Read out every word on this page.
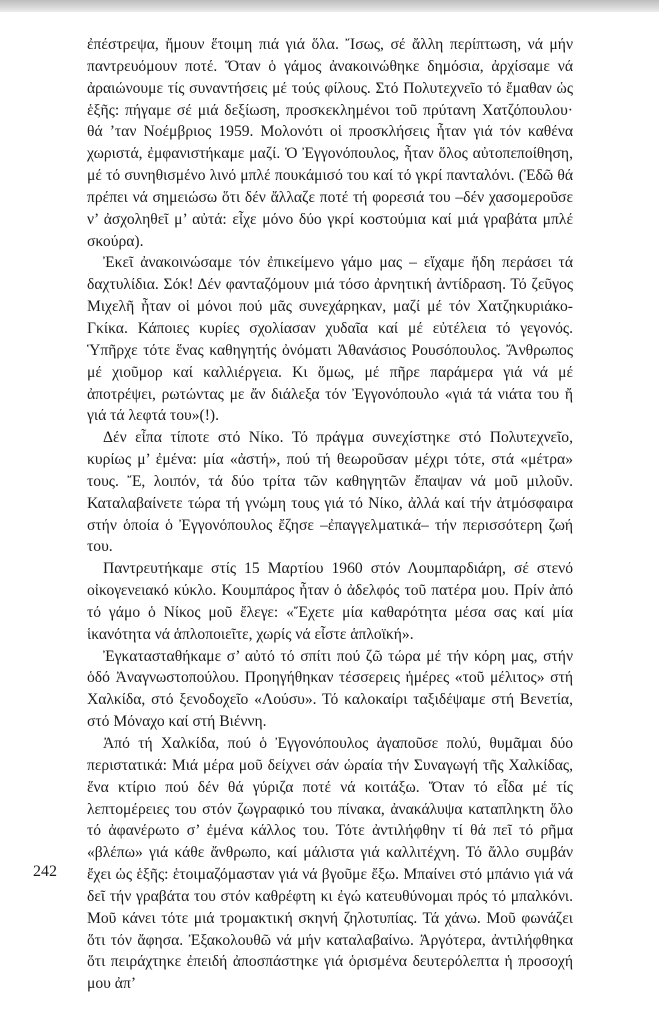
ἐπέστρεψα, ἤμουν ἕτοιμη πιά γιά ὅλα. Ἴσως, σέ ἄλλη περίπτωση, νά μήν παντρευόμουν ποτέ. Ὅταν ὁ γάμος ἀνακοινώθηκε δημόσια, ἀρχίσαμε νά ἀραιώνουμε τίς συναντήσεις μέ τούς φίλους. Στό Πολυτεχνεῖο τό ἔμαθαν ὡς ἑξῆς: πήγαμε σέ μιά δεξίωση, προσκεκλημένοι τοῦ πρύτανη Χατζόπουλου· θά ’ταν Νοέμβριος 1959. Μολονότι οἱ προσκλήσεις ἦταν γιά τόν καθένα χωριστά, ἐμφανιστήκαμε μαζί. Ὁ Ἐγγονόπουλος, ἦταν ὅλος αὐτοπεποίθηση, μέ τό συνηθισμένο λινό μπλέ πουκάμισό του καί τό γκρί πανταλόνι. (Ἐδῶ θά πρέπει νά σημειώσω ὅτι δέν ἄλλαζε ποτέ τή φορεσιά του –δέν χασομεροῦσε ν’ ἀσχοληθεῖ μ’ αὐτά: εἶχε μόνο δύο γκρί κοστούμια καί μιά γραβάτα μπλέ σκούρα).

Ἐκεῖ ἀνακοινώσαμε τόν ἐπικείμενο γάμο μας – εἴχαμε ἤδη περάσει τά δαχτυλίδια. Σόκ! Δέν φανταζόμουν μιά τόσο ἀρνητική ἀντίδραση. Τό ζεῦγος Μιχελῆ ἦταν οἱ μόνοι πού μᾶς συνεχάρηκαν, μαζί μέ τόν Χατζηκυριάκο-Γκίκα. Κάποιες κυρίες σχολίασαν χυδαῖα καί μέ εὐτέλεια τό γεγονός. Ὑπῆρχε τότε ἕνας καθηγητής ὀνόματι Ἀθανάσιος Ρουσόπουλος. Ἄνθρωπος μέ χιοῦμορ καί καλλιέργεια. Κι ὅμως, μέ πῆρε παράμερα γιά νά μέ ἀποτρέψει, ρωτώντας με ἄν διάλεξα τόν Ἐγγονόπουλο «γιά τά νιάτα του ἤ γιά τά λεφτά του»(!).

Δέν εἶπα τίποτε στό Νίκο. Τό πράγμα συνεχίστηκε στό Πολυτεχνεῖο, κυρίως μ’ ἐμένα: μία «ἀστή», πού τή θεωροῦσαν μέχρι τότε, στά «μέτρα» τους. Ἔ, λοιπόν, τά δύο τρίτα τῶν καθηγητῶν ἔπαψαν νά μοῦ μιλοῦν. Καταλαβαίνετε τώρα τή γνώμη τους γιά τό Νίκο, ἀλλά καί τήν ἀτμόσφαιρα στήν ὁποία ὁ Ἐγγονόπουλος ἔζησε –ἐπαγγελματικά– τήν περισσότερη ζωή του.

Παντρευτήκαμε στίς 15 Μαρτίου 1960 στόν Λουμπαρδιάρη, σέ στενό οἰκογενειακό κύκλο. Κουμπάρος ἦταν ὁ ἀδελφός τοῦ πατέρα μου. Πρίν ἀπό τό γάμο ὁ Νίκος μοῦ ἔλεγε: «Ἔχετε μία καθαρότητα μέσα σας καί μία ἱκανότητα νά ἁπλοποιεῖτε, χωρίς νά εἶστε ἁπλοϊκή».

Ἐγκατασταθήκαμε σ’ αὐτό τό σπίτι πού ζῶ τώρα μέ τήν κόρη μας, στήν ὁδό Ἀναγνωστοπούλου. Προηγήθηκαν τέσσερεις ἡμέρες «τοῦ μέλιτος» στή Χαλκίδα, στό ξενοδοχεῖο «Λούσυ». Τό καλοκαίρι ταξιδέψαμε στή Βενετία, στό Μόναχο καί στή Βιέννη.

Ἀπό τή Χαλκίδα, πού ὁ Ἐγγονόπουλος ἀγαποῦσε πολύ, θυμᾶμαι δύο περιστατικά: Μιά μέρα μοῦ δείχνει σάν ὡραία τήν Συναγωγή τῆς Χαλκίδας, ἕνα κτίριο πού δέν θά γύριζα ποτέ νά κοιτάξω. Ὅταν τό εἶδα μέ τίς λεπτομέρειες του στόν ζωγραφικό του πίνακα, ἀνακάλυψα καταπληκτη ὅλο τό ἀφανέρωτο σ’ ἐμένα κάλλος του. Τότε ἀντιλήφθην τί θά πεῖ τό ρῆμα «βλέπω» γιά κάθε ἄνθρωπο, καί μάλιστα γιά καλλιτέχνη. Τό ἄλλο συμβάν ἔχει ὡς ἑξῆς: ἑτοιμαζόμασταν γιά νά βγοῦμε ἔξω. Μπαίνει στό μπάνιο γιά νά δεῖ τήν γραβάτα του στόν καθρέφτη κι ἐγώ κατευθύνομαι πρός τό μπαλκόνι. Μοῦ κάνει τότε μιά τρομακτική σκηνή ζηλοτυπίας. Τά χάνω. Μοῦ φωνάζει ὅτι τόν ἄφησα. Ἐξακολουθῶ νά μήν καταλαβαίνω. Ἀργότερα, ἀντιλήφθηκα ὅτι πειράχτηκε ἐπειδή ἀποσπάστηκε γιά ὁρισμένα δευτερόλεπτα ἡ προσοχή μου ἀπ’

242
